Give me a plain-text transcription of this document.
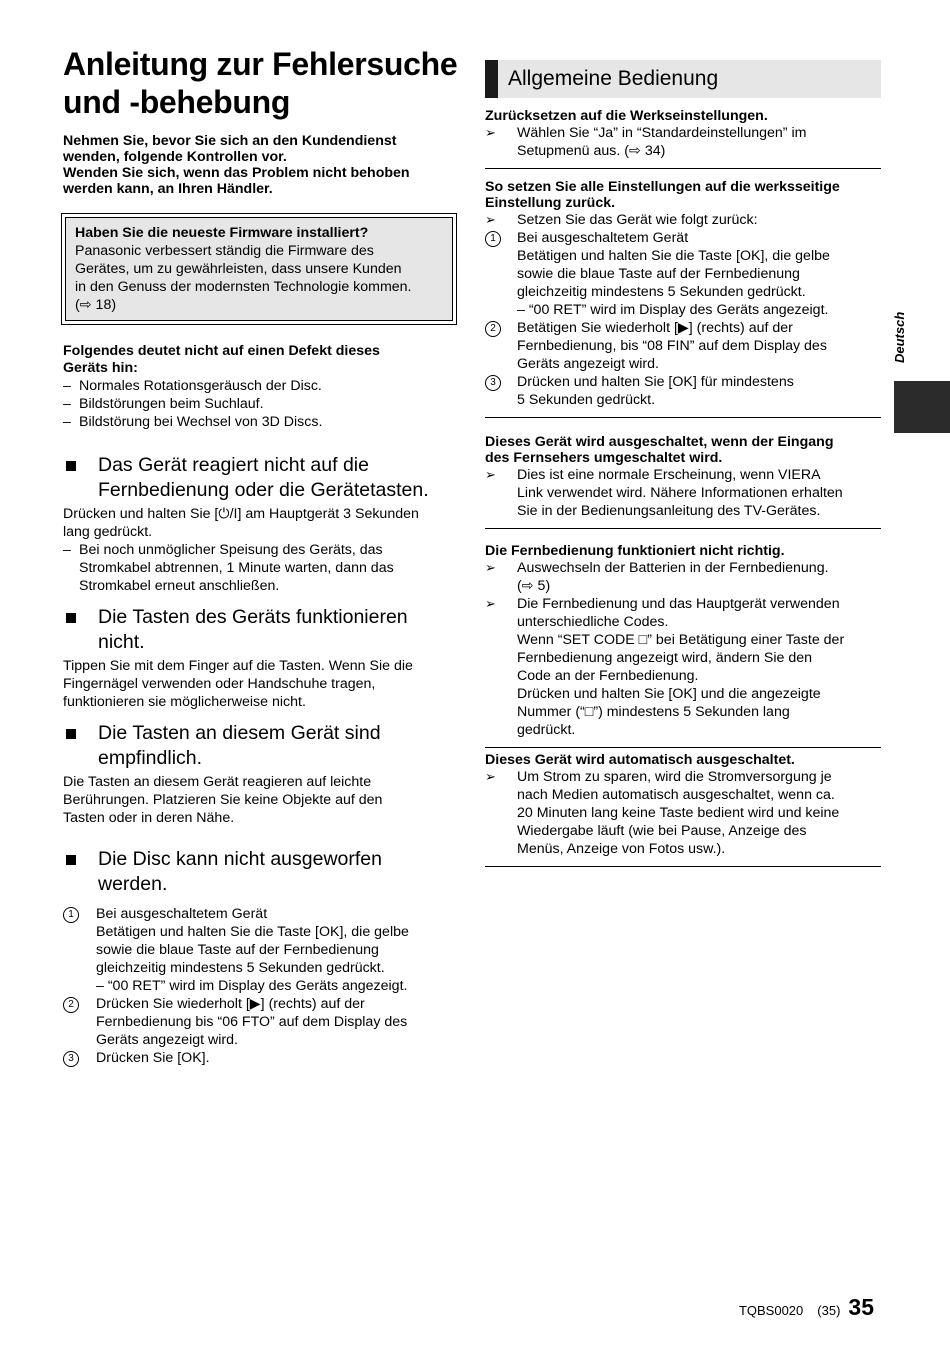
Anleitung zur Fehlersuche
und -behebung
Nehmen Sie, bevor Sie sich an den Kundendienst
wenden, folgende Kontrollen vor.
Wenden Sie sich, wenn das Problem nicht behoben
werden kann, an Ihren Händler.
Haben Sie die neueste Firmware installiert?
Panasonic verbessert ständig die Firmware des
Gerätes, um zu gewährleisten, dass unsere Kunden
in den Genuss der modernsten Technologie kommen.
(⇨ 18)
Folgendes deutet nicht auf einen Defekt dieses
Geräts hin:
– Normales Rotationsgeräusch der Disc.
– Bildstörungen beim Suchlauf.
– Bildstörung bei Wechsel von 3D Discs.
Das Gerät reagiert nicht auf die
Fernbedienung oder die Gerätetasten.
Drücken und halten Sie [⏻/I] am Hauptgerät 3 Sekunden
lang gedrückt.
– Bei noch unmöglicher Speisung des Geräts, das
Stromkabel abtrennen, 1 Minute warten, dann das
Stromkabel erneut anschließen.
Die Tasten des Geräts funktionieren
nicht.
Tippen Sie mit dem Finger auf die Tasten. Wenn Sie die
Fingernägel verwenden oder Handschuhe tragen,
funktionieren sie möglicherweise nicht.
Die Tasten an diesem Gerät sind
empfindlich.
Die Tasten an diesem Gerät reagieren auf leichte
Berührungen. Platzieren Sie keine Objekte auf den
Tasten oder in deren Nähe.
Die Disc kann nicht ausgeworfen
werden.
1	Bei ausgeschaltetem Gerät
Betätigen und halten Sie die Taste [OK], die gelbe
sowie die blaue Taste auf der Fernbedienung
gleichzeitig mindestens 5 Sekunden gedrückt.
– “00 RET” wird im Display des Geräts angezeigt.
2	Drücken Sie wiederholt [▶] (rechts) auf der
Fernbedienung bis “06 FTO” auf dem Display des
Geräts angezeigt wird.
3	Drücken Sie [OK].
Allgemeine Bedienung
Zurücksetzen auf die Werkseinstellungen.
➢	Wählen Sie “Ja” in “Standardeinstellungen” im
Setupmenü aus. (⇨ 34)
So setzen Sie alle Einstellungen auf die werksseitige
Einstellung zurück.
➢	Setzen Sie das Gerät wie folgt zurück:
1	Bei ausgeschaltetem Gerät
Betätigen und halten Sie die Taste [OK], die gelbe
sowie die blaue Taste auf der Fernbedienung
gleichzeitig mindestens 5 Sekunden gedrückt.
– “00 RET” wird im Display des Geräts angezeigt.
2	Betätigen Sie wiederholt [▶] (rechts) auf der
Fernbedienung, bis “08 FIN” auf dem Display des
Geräts angezeigt wird.
3	Drücken und halten Sie [OK] für mindestens
5 Sekunden gedrückt.
Dieses Gerät wird ausgeschaltet, wenn der Eingang
des Fernsehers umgeschaltet wird.
➢	Dies ist eine normale Erscheinung, wenn VIERA
Link verwendet wird. Nähere Informationen erhalten
Sie in der Bedienungsanleitung des TV-Gerätes.
Die Fernbedienung funktioniert nicht richtig.
➢	Auswechseln der Batterien in der Fernbedienung.
(⇨ 5)
➢	Die Fernbedienung und das Hauptgerät verwenden
unterschiedliche Codes.
Wenn “SET CODE □” bei Betätigung einer Taste der
Fernbedienung angezeigt wird, ändern Sie den
Code an der Fernbedienung.
Drücken und halten Sie [OK] und die angezeigte
Nummer (“□”) mindestens 5 Sekunden lang
gedrückt.
Dieses Gerät wird automatisch ausgeschaltet.
➢	Um Strom zu sparen, wird die Stromversorgung je
nach Medien automatisch ausgeschaltet, wenn ca.
20 Minuten lang keine Taste bedient wird und keine
Wiedergabe läuft (wie bei Pause, Anzeige des
Menüs, Anzeige von Fotos usw.).
Deutsch
TQBS0020 (35) 35
